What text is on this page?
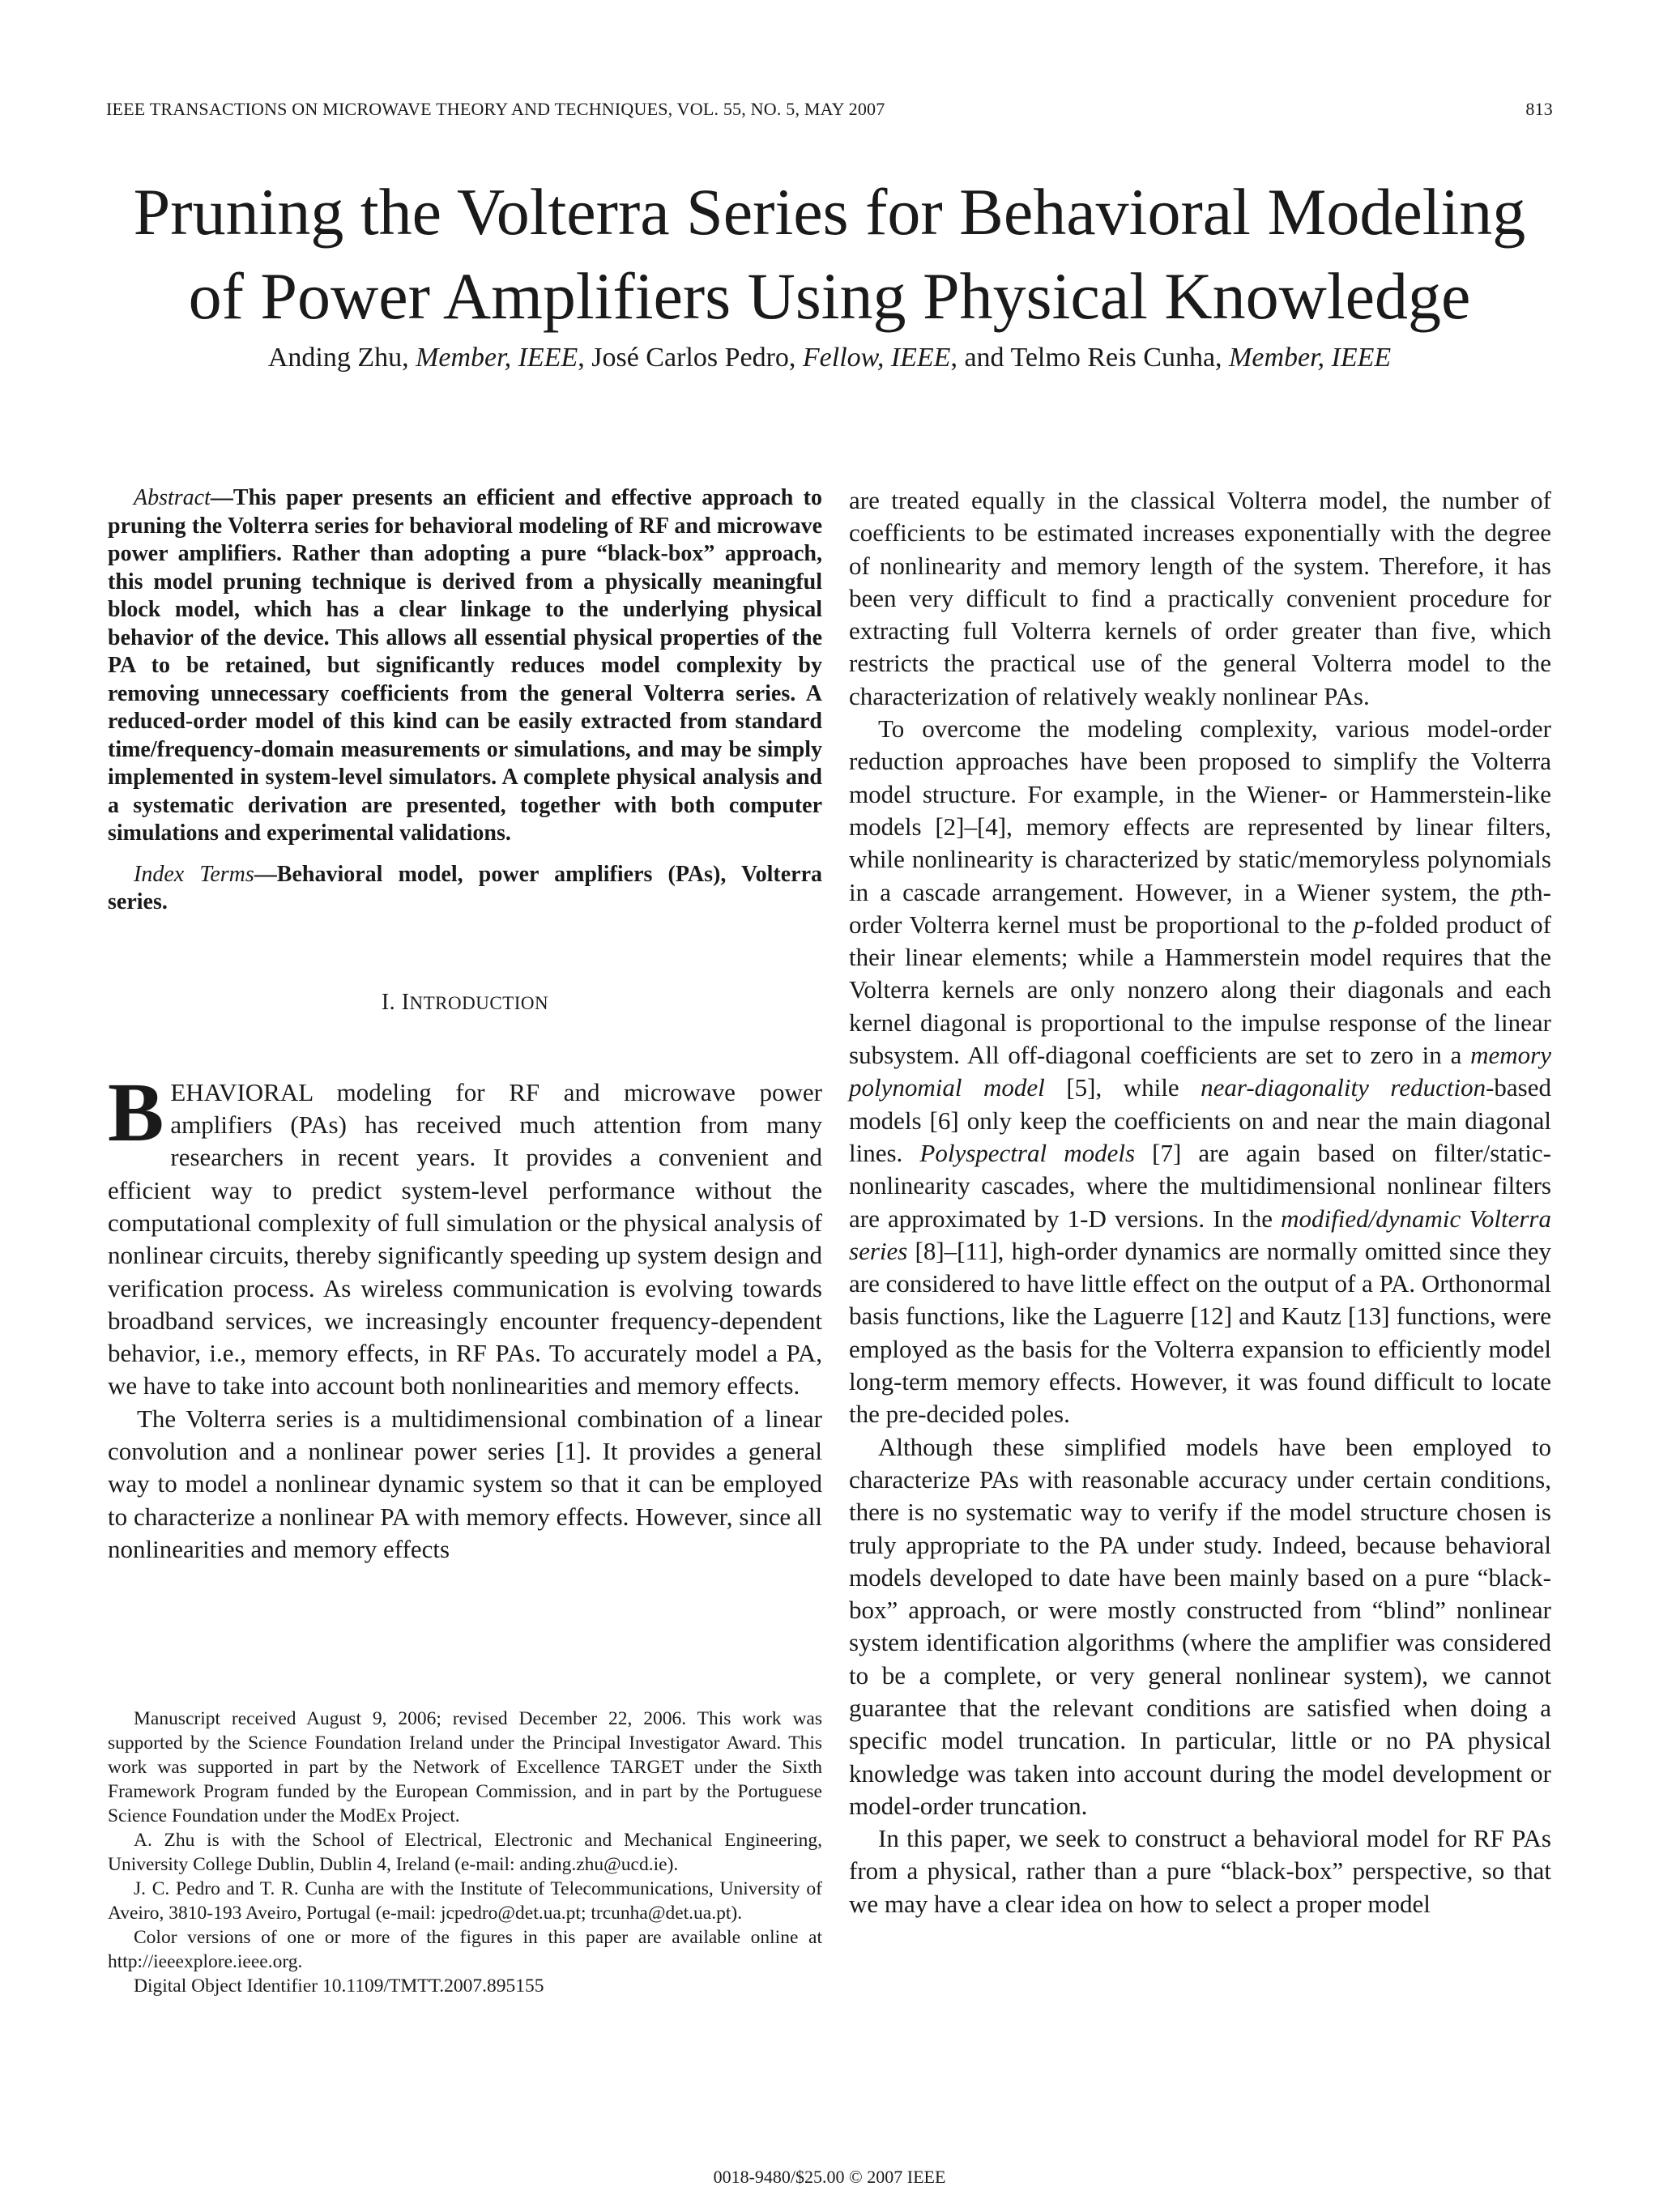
IEEE TRANSACTIONS ON MICROWAVE THEORY AND TECHNIQUES, VOL. 55, NO. 5, MAY 2007	813
Pruning the Volterra Series for Behavioral Modeling
of Power Amplifiers Using Physical Knowledge
Anding Zhu, Member, IEEE, José Carlos Pedro, Fellow, IEEE, and Telmo Reis Cunha, Member, IEEE

Abstract—This paper presents an efficient and effective approach to pruning the Volterra series for behavioral modeling of RF and microwave power amplifiers. Rather than adopting a pure “black-box” approach, this model pruning technique is derived from a physically meaningful block model, which has a clear linkage to the underlying physical behavior of the device. This allows all essential physical properties of the PA to be retained, but significantly reduces model complexity by removing unnecessary coefficients from the general Volterra series. A reduced-order model of this kind can be easily extracted from standard time/frequency-domain measurements or simulations, and may be simply implemented in system-level simulators. A complete physical analysis and a systematic derivation are presented, together with both computer simulations and experimental validations.

Index Terms—Behavioral model, power amplifiers (PAs), Volterra series.

I. INTRODUCTION

BEHAVIORAL modeling for RF and microwave power amplifiers (PAs) has received much attention from many researchers in recent years. It provides a convenient and efficient way to predict system-level performance without the computational complexity of full simulation or the physical analysis of nonlinear circuits, thereby significantly speeding up system design and verification process. As wireless communication is evolving towards broadband services, we increasingly encounter frequency-dependent behavior, i.e., memory effects, in RF PAs. To accurately model a PA, we have to take into account both nonlinearities and memory effects.

The Volterra series is a multidimensional combination of a linear convolution and a nonlinear power series [1]. It provides a general way to model a nonlinear dynamic system so that it can be employed to characterize a nonlinear PA with memory effects. However, since all nonlinearities and memory effects

Manuscript received August 9, 2006; revised December 22, 2006. This work was supported by the Science Foundation Ireland under the Principal Investigator Award. This work was supported in part by the Network of Excellence TARGET under the Sixth Framework Program funded by the European Commission, and in part by the Portuguese Science Foundation under the ModEx Project.

A. Zhu is with the School of Electrical, Electronic and Mechanical Engineering, University College Dublin, Dublin 4, Ireland (e-mail: anding.zhu@ucd.ie).

J. C. Pedro and T. R. Cunha are with the Institute of Telecommunications, University of Aveiro, 3810-193 Aveiro, Portugal (e-mail: jcpedro@det.ua.pt; trcunha@det.ua.pt).

Color versions of one or more of the figures in this paper are available online at http://ieeexplore.ieee.org.

Digital Object Identifier 10.1109/TMTT.2007.895155

are treated equally in the classical Volterra model, the number of coefficients to be estimated increases exponentially with the degree of nonlinearity and memory length of the system. Therefore, it has been very difficult to find a practically convenient procedure for extracting full Volterra kernels of order greater than five, which restricts the practical use of the general Volterra model to the characterization of relatively weakly nonlinear PAs.

To overcome the modeling complexity, various model-order reduction approaches have been proposed to simplify the Volterra model structure. For example, in the Wiener- or Hammerstein-like models [2]–[4], memory effects are represented by linear filters, while nonlinearity is characterized by static/memoryless polynomials in a cascade arrangement. However, in a Wiener system, the pth-order Volterra kernel must be proportional to the p-folded product of their linear elements; while a Hammerstein model requires that the Volterra kernels are only nonzero along their diagonals and each kernel diagonal is proportional to the impulse response of the linear subsystem. All off-diagonal coefficients are set to zero in a memory polynomial model [5], while near-diagonality reduction-based models [6] only keep the coefficients on and near the main diagonal lines. Polyspectral models [7] are again based on filter/static-nonlinearity cascades, where the multidimensional nonlinear filters are approximated by 1-D versions. In the modified/dynamic Volterra series [8]–[11], high-order dynamics are normally omitted since they are considered to have little effect on the output of a PA. Orthonormal basis functions, like the Laguerre [12] and Kautz [13] functions, were employed as the basis for the Volterra expansion to efficiently model long-term memory effects. However, it was found difficult to locate the pre-decided poles.

Although these simplified models have been employed to characterize PAs with reasonable accuracy under certain conditions, there is no systematic way to verify if the model structure chosen is truly appropriate to the PA under study. Indeed, because behavioral models developed to date have been mainly based on a pure “black-box” approach, or were mostly constructed from “blind” nonlinear system identification algorithms (where the amplifier was considered to be a complete, or very general nonlinear system), we cannot guarantee that the relevant conditions are satisfied when doing a specific model truncation. In particular, little or no PA physical knowledge was taken into account during the model development or model-order truncation.

In this paper, we seek to construct a behavioral model for RF PAs from a physical, rather than a pure “black-box” perspective, so that we may have a clear idea on how to select a proper model

0018-9480/$25.00 © 2007 IEEE
